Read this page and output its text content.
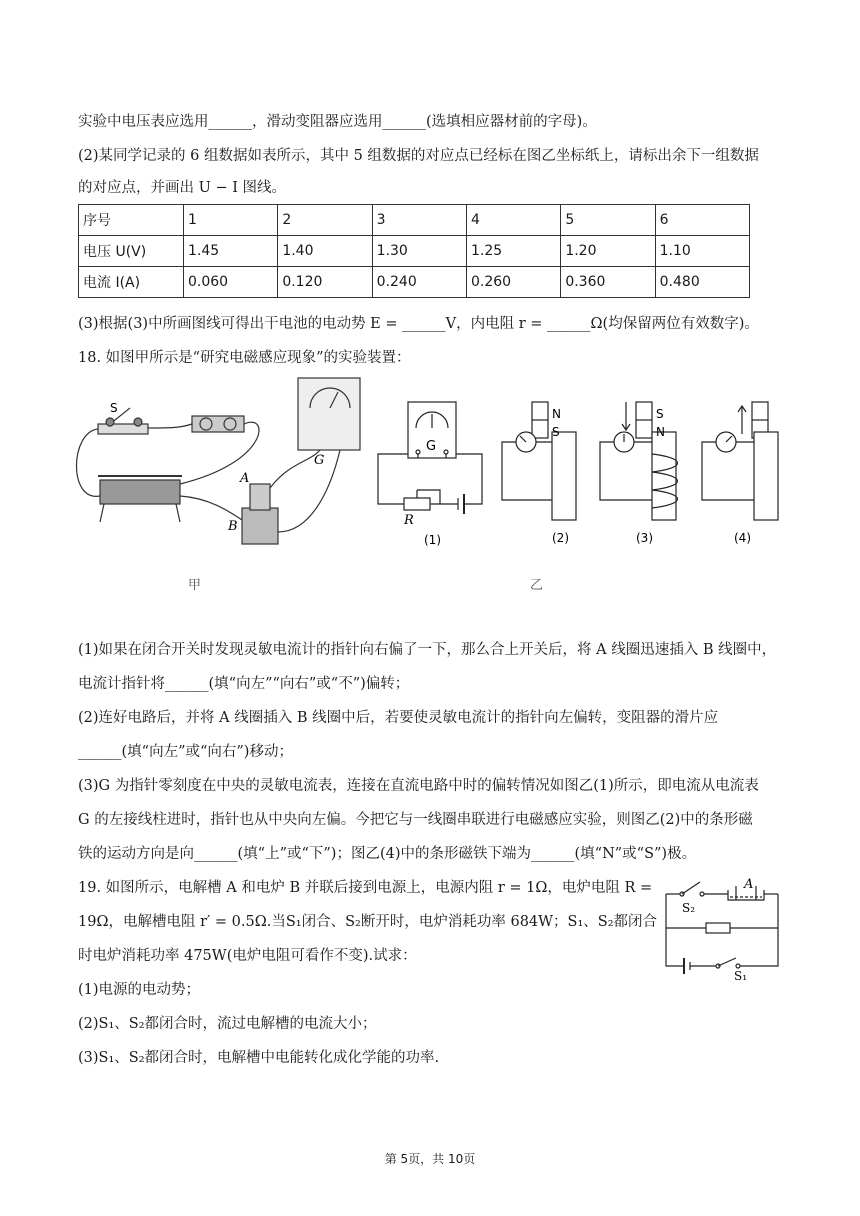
实验中电压表应选用______，滑动变阻器应选用______(选填相应器材前的字母)。
(2)某同学记录的 6 组数据如表所示，其中 5 组数据的对应点已经标在图乙坐标纸上，请标出余下一组数据
的对应点，并画出 U − I 图线。
序号	1	2	3	4	5	6
电压 U(V)	1.45	1.40	1.30	1.25	1.20	1.10
电流 I(A)	0.060	0.120	0.240	0.260	0.360	0.480
(3)根据(3)中所画图线可得出干电池的电动势 E = ______V，内电阻 r = ______Ω(均保留两位有效数字)。
18. 如图甲所示是“研究电磁感应现象”的实验装置：
S
A
B
G
G
R
(1)
N
S
(2)
S
N
(3)	(4)
甲	乙
(1)如果在闭合开关时发现灵敏电流计的指针向右偏了一下，那么合上开关后，将 A 线圈迅速插入 B 线圈中，
电流计指针将______(填“向左”“向右”或“不”)偏转；
(2)连好电路后，并将 A 线圈插入 B 线圈中后，若要使灵敏电流计的指针向左偏转，变阻器的滑片应
______(填“向左”或“向右”)移动；
(3)G 为指针零刻度在中央的灵敏电流表，连接在直流电路中时的偏转情况如图乙(1)所示，即电流从电流表
G 的左接线柱进时，指针也从中央向左偏。今把它与一线圈串联进行电磁感应实验，则图乙(2)中的条形磁
铁的运动方向是向______(填“上”或“下”)；图乙(4)中的条形磁铁下端为______(填“N”或“S”)极。
19. 如图所示，电解槽 A 和电炉 B 并联后接到电源上，电源内阻 r = 1Ω，电炉电阻 R =
19Ω，电解槽电阻 r′ = 0.5Ω.当S₁闭合、S₂断开时，电炉消耗功率 684W；S₁、S₂都闭合
时电炉消耗功率 475W(电炉电阻可看作不变).试求：
(1)电源的电动势；
(2)S₁、S₂都闭合时，流过电解槽的电流大小；
(3)S₁、S₂都闭合时，电解槽中电能转化成化学能的功率.
S₂
A
S₁
第 5页，共 10页
